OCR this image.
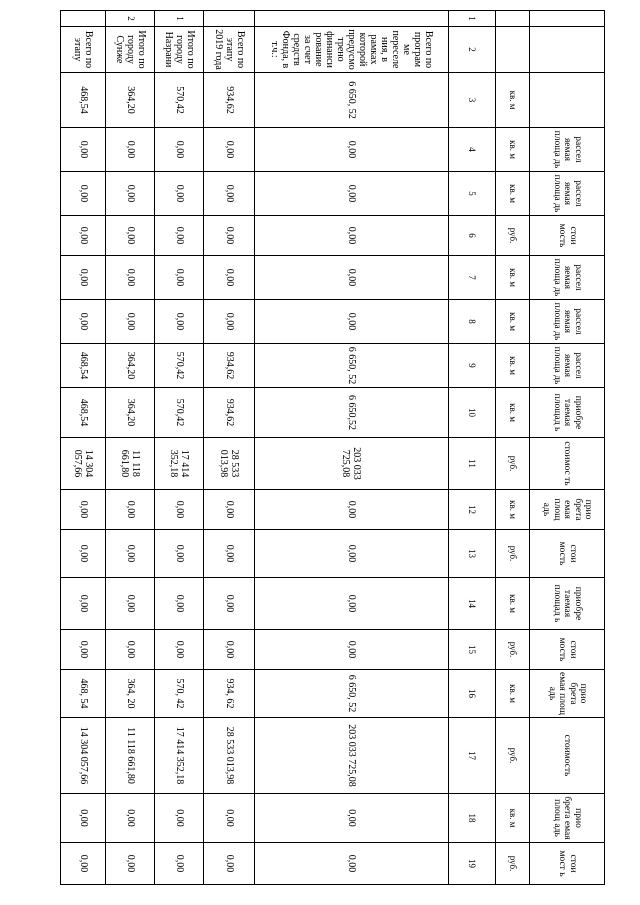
			рассел яемая площа дь	рассел яемая площа дь	стои мость	рассел яемая площа дь	рассел яемая площа дь	рассел яемая площа дь	приобре таемая площад ь	стоимос ть	прио брета емая площ адь	стои мость	приобре таемая площад ь	стои мость	прио бретa емая площ адь	стоимость	прио бретa емая площ адь	стои мост ь
		кв. м	кв. м	кв. м	руб.	кв. м	кв. м	кв. м	кв. м	руб.	кв. м	руб.	кв. м	руб.	кв. м	руб.	кв. м	руб.
1	2	3	4	5	6	7	8	9	10	11	12	13	14	15	16	17	18	19
	Всего по програм ме переселе ния, в рамках которой предусмо трено финанси рование за счет средств Фонда, в т.ч.:	6 650, 52	0,00	0,00	0,00	0,00	0,00	6 650, 52	6 650,52	203 033 725,08	0,00	0,00	0,00	0,00	6 650, 52	203 033 725,08	0,00	0,00
	Всего по этапу 2019 года	934,62	0,00	0,00	0,00	0,00	0,00	934,62	934,62	28 533 013,98	0,00	0,00	0,00	0,00	934, 62	28 533 013,98	0,00	0,00
1	Итого по городу Назрани	570,42	0,00	0,00	0,00	0,00	0,00	570,42	570,42	17 414 352,18	0,00	0,00	0,00	0,00	570, 42	17 414 352,18	0,00	0,00
2	Итого по городу Сунже	364,20	0,00	0,00	0,00	0,00	0,00	364,20	364,20	11 118 661,80	0,00	0,00	0,00	0,00	364, 20	11 118 661,80	0,00	0,00
	Всего по этапу	468,54	0,00	0,00	0,00	0,00	0,00	468,54	468,54	14 304 057,66	0,00	0,00	0,00	0,00	468, 54	14 304 057,66	0,00	0,00
